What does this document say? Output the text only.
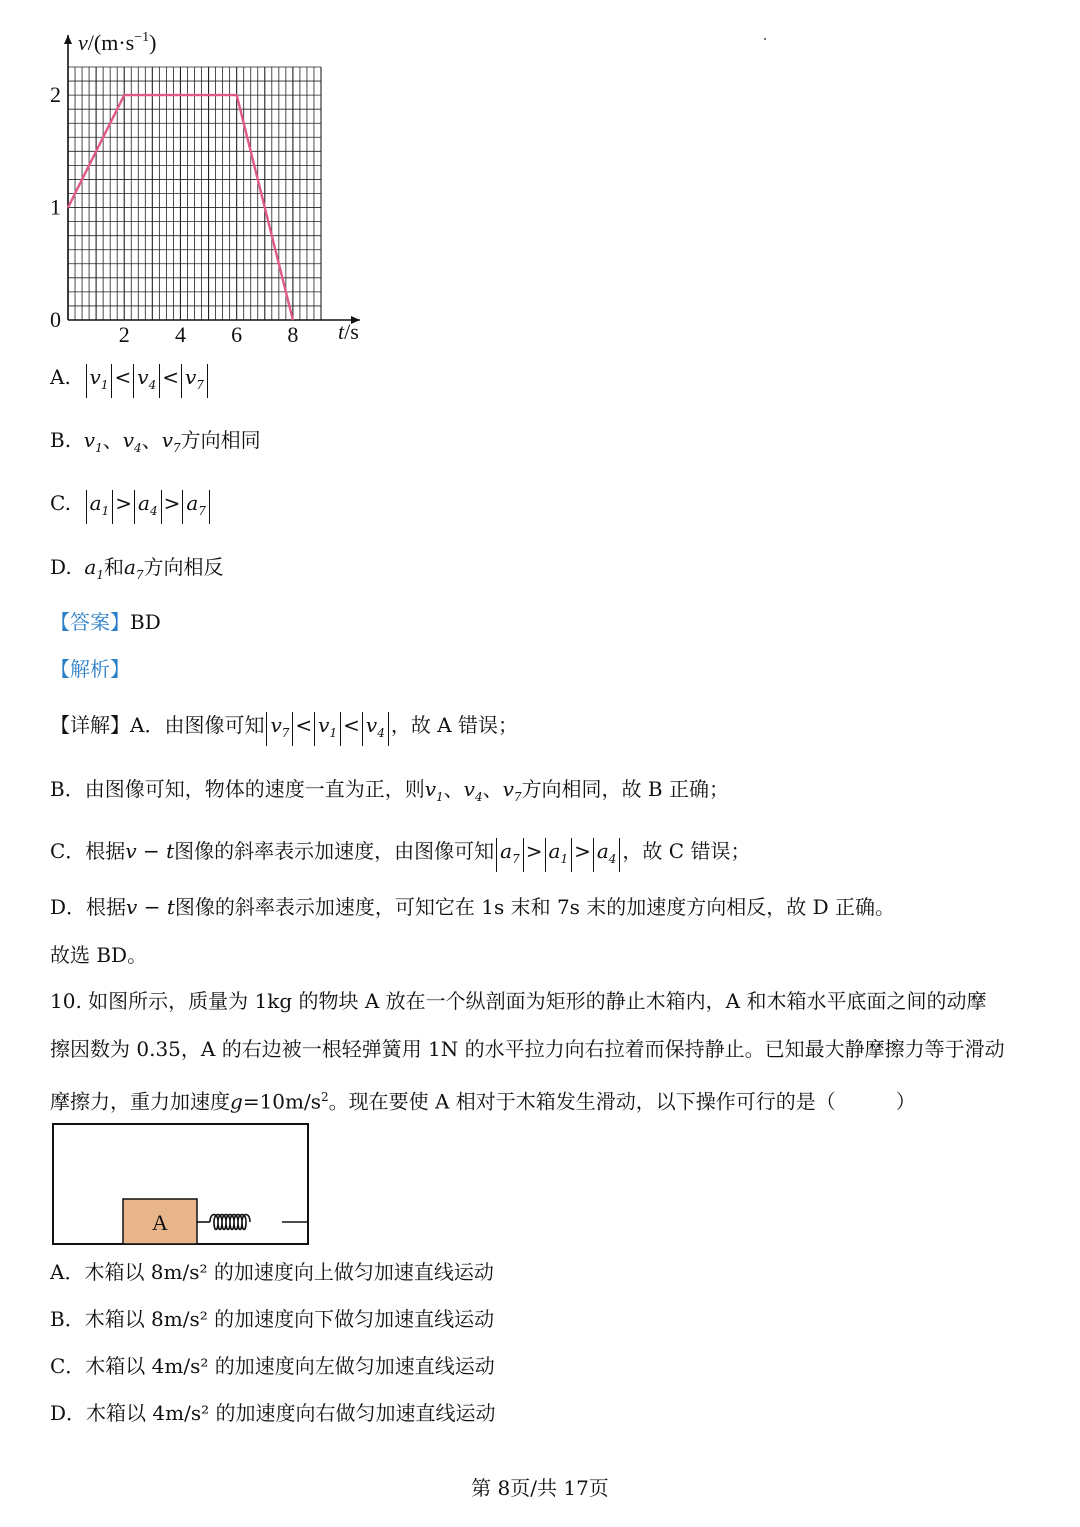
2 4 6 8
0
1
2
$v/(m\cdot s^{-1})$
t/s
A. $v_1 < v_4 < v_7$
B. $v_1$、$v_4$、$v_7$方向相同
C. $a_1 > a_4 > a_7$
D. $a_1$和$a_7$方向相反
【答案】BD
【解析】
【详解】A．由图像可知 $v_7 < v_1 < v_4$ ，故 A 错误；
B．由图像可知，物体的速度一直为正，则$v_1$、$v_4$、$v_7$方向相同，故 B 正确；
C．根据v − t图像的斜率表示加速度，由图像可知 $a_7 > a_1 > a_4$ ，故 C 错误；
D．根据v − t图像的斜率表示加速度，可知它在 1s 末和 7s 末的加速度方向相反，故 D 正确。
故选 BD。
10. 如图所示，质量为 1kg 的物块 A 放在一个纵剖面为矩形的静止木箱内，A 和木箱水平底面之间的动摩
擦因数为 0.35，A 的右边被一根轻弹簧用 1N 的水平拉力向右拉着而保持静止。已知最大静摩擦力等于滑动
摩擦力，重力加速度$g=10m/s^2$。现在要使 A 相对于木箱发生滑动，以下操作可行的是（　　　）
A
A．木箱以 8m/s² 的加速度向上做匀加速直线运动
B．木箱以 8m/s² 的加速度向下做匀加速直线运动
C．木箱以 4m/s² 的加速度向左做匀加速直线运动
D．木箱以 4m/s² 的加速度向右做匀加速直线运动
第 8页/共 17页
